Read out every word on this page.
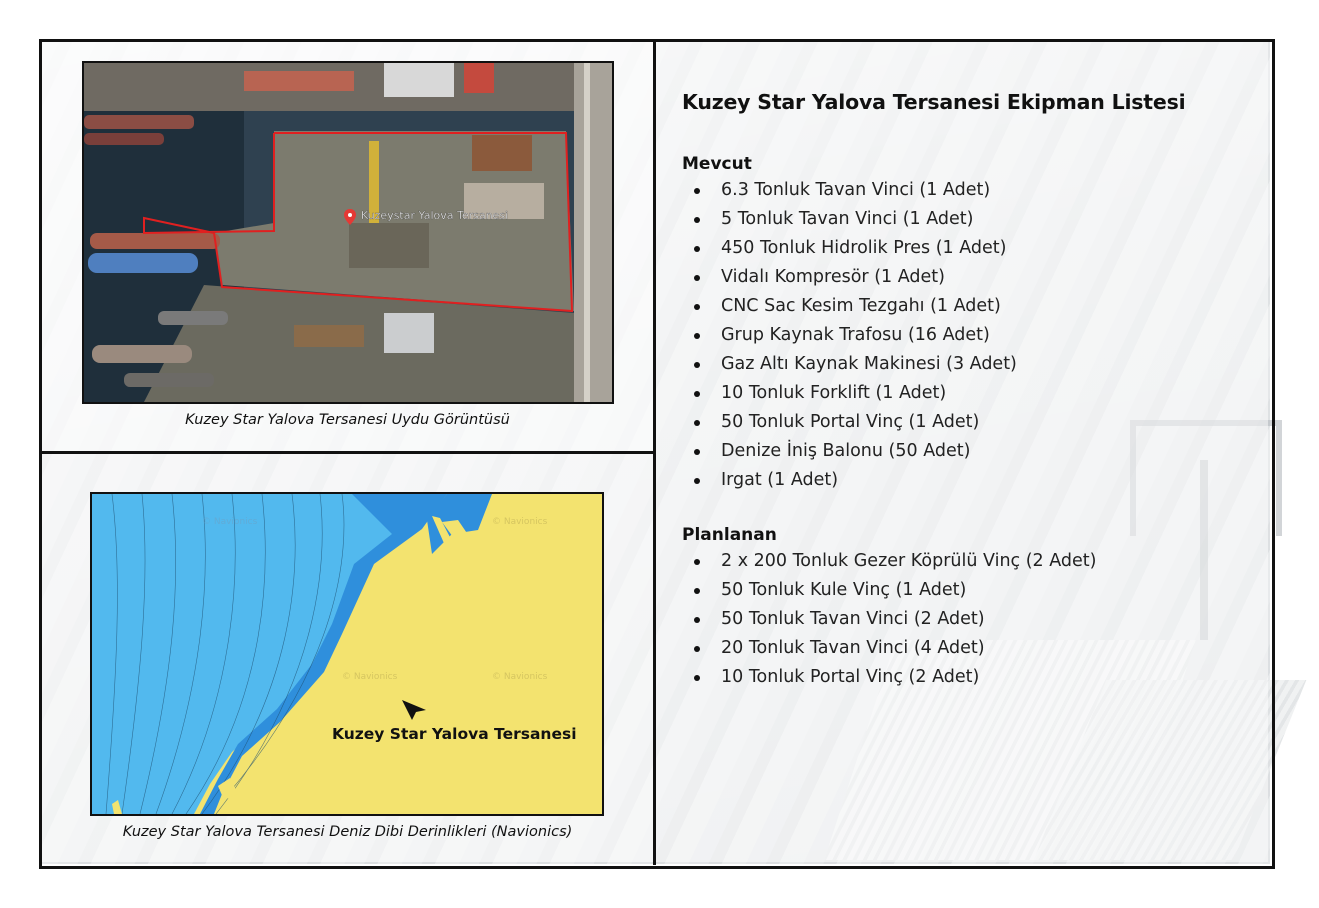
Kuzeystar Yalova Tersanesi
Kuzey Star Yalova Tersanesi Uydu Görüntüsü
© Navionics	© Navionics
© Navionics	© Navionics
Kuzey Star Yalova Tersanesi
Kuzey Star Yalova Tersanesi Deniz Dibi Derinlikleri (Navionics)
Kuzey Star Yalova Tersanesi Ekipman Listesi
Mevcut
6.3 Tonluk Tavan Vinci (1 Adet)
5 Tonluk Tavan Vinci (1 Adet)
450 Tonluk Hidrolik Pres (1 Adet)
Vidalı Kompresör (1 Adet)
CNC Sac Kesim Tezgahı (1 Adet)
Grup Kaynak Trafosu (16 Adet)
Gaz Altı Kaynak Makinesi (3 Adet)
10 Tonluk Forklift (1 Adet)
50 Tonluk Portal Vinç (1 Adet)
Denize İniş Balonu (50 Adet)
Irgat (1 Adet)
Planlanan
2 x 200 Tonluk Gezer Köprülü Vinç (2 Adet)
50 Tonluk Kule Vinç (1 Adet)
50 Tonluk Tavan Vinci (2 Adet)
20 Tonluk Tavan Vinci (4 Adet)
10 Tonluk Portal Vinç (2 Adet)
